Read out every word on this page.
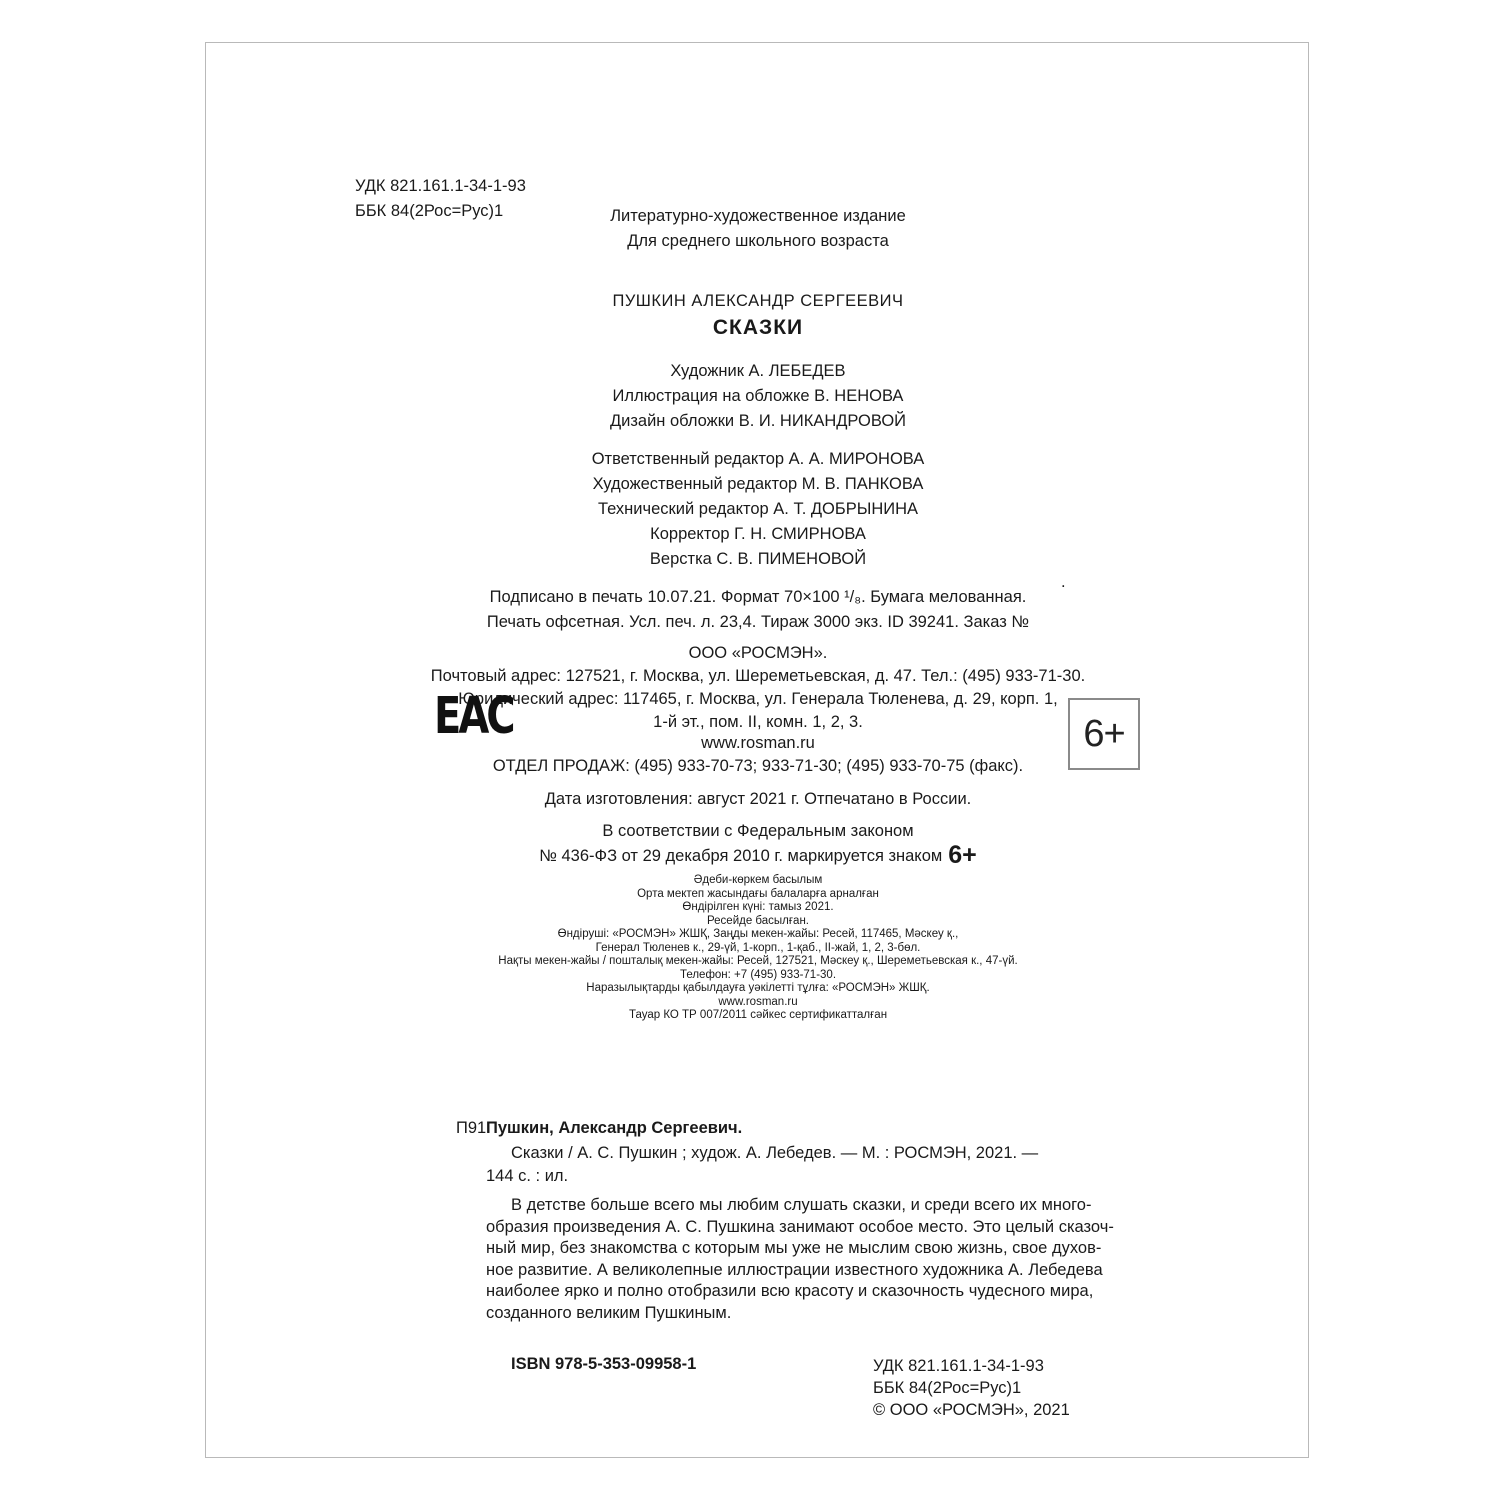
УДК 821.161.1-34-1-93
ББК 84(2Рос=Рус)1	Литературно-художественное издание
Для среднего школьного возраста
ПУШКИН АЛЕКСАНДР СЕРГЕЕВИЧ
СКАЗКИ
Художник А. ЛЕБЕДЕВ
Иллюстрация на обложке В. НЕНОВА
Дизайн обложки В. И. НИКАНДРОВОЙ
Ответственный редактор А. А. МИРОНОВА
Художественный редактор М. В. ПАНКОВА
Технический редактор А. Т. ДОБРЫНИНА
Корректор Г. Н. СМИРНОВА
Верстка С. В. ПИМЕНОВОЙ
Подписано в печать 10.07.21. Формат 70×100 ¹/₈. Бумага мелованная.
Печать офсетная. Усл. печ. л. 23,4. Тираж 3000 экз. ID 39241. Заказ №
.
ООО «РОСМЭН».
Почтовый адрес: 127521, г. Москва, ул. Шереметьевская, д. 47. Тел.: (495) 933-71-30.
Юридический адрес: 117465, г. Москва, ул. Генерала Тюленева, д. 29, корп. 1,
1-й эт., пом. II, комн. 1, 2, 3.
www.rosman.ru
ОТДЕЛ ПРОДАЖ: (495) 933-70-73; 933-71-30; (495) 933-70-75 (факс).
Дата изготовления: август 2021 г. Отпечатано в России.
ЕАС	6+
В соответствии с Федеральным законом
№ 436-ФЗ от 29 декабря 2010 г. маркируется знаком 6+
Әдеби-көркем басылым
Орта мектеп жасындағы балаларға арналған
Өндірілген күні: тамыз 2021.
Ресейде басылған.
Өндіруші: «РОСМЭН» ЖШҚ, Заңды мекен-жайы: Ресей, 117465, Мәскеу қ.,
Генерал Тюленев к., 29-үй, 1-корп., 1-қаб., II-жай, 1, 2, 3-бөл.
Нақты мекен-жайы / пошталық мекен-жайы: Ресей, 127521, Мәскеу қ., Шереметьевская к., 47-үй.
Телефон: +7 (495) 933-71-30.
Наразылықтарды қабылдауға уәкілетті тұлға: «РОСМЭН» ЖШҚ.
www.rosman.ru
Тауар КО ТР 007/2011 сәйкес сертификатталған
П91 Пушкин, Александр Сергеевич.
Сказки / А. С. Пушкин ; худож. А. Лебедев. — М. : РОСМЭН, 2021. —
144 с. : ил.
В детстве больше всего мы любим слушать сказки, и среди всего их много-
образия произведения А. С. Пушкина занимают особое место. Это целый сказоч-
ный мир, без знакомства с которым мы уже не мыслим свою жизнь, свое духов-
ное развитие. А великолепные иллюстрации известного художника А. Лебедева
наиболее ярко и полно отобразили всю красоту и сказочность чудесного мира,
созданного великим Пушкиным.
ISBN 978-5-353-09958-1	УДК 821.161.1-34-1-93
ББК 84(2Рос=Рус)1
© ООО «РОСМЭН», 2021
